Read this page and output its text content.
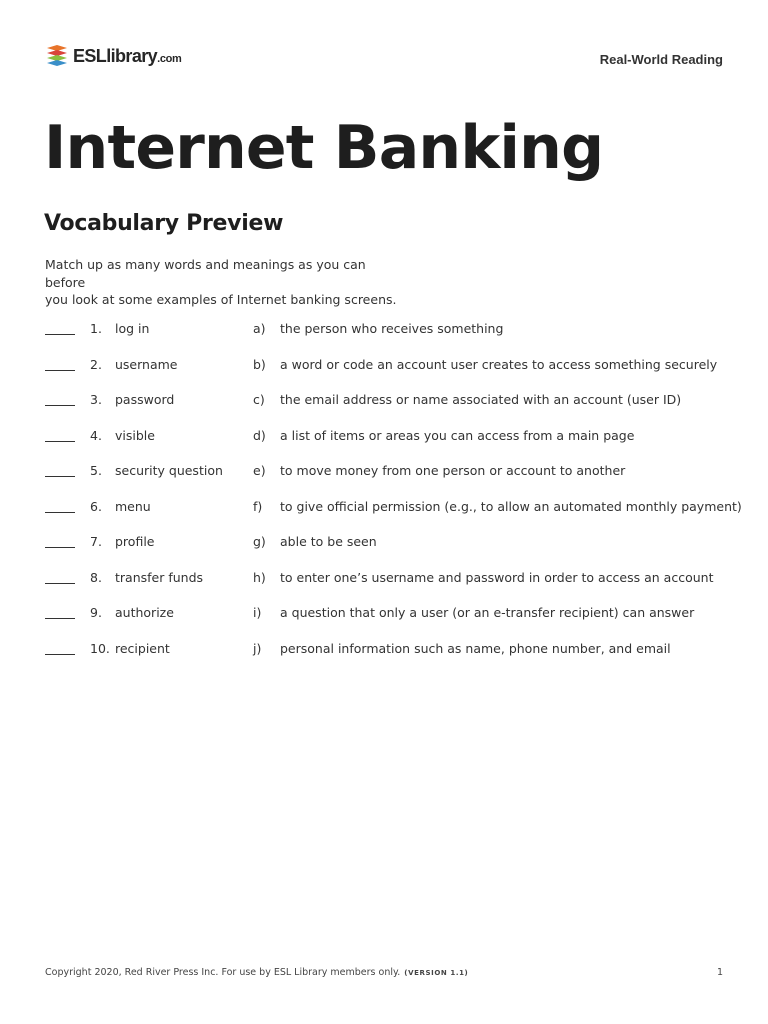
ESLlibrary.com	Real-World Reading
Internet Banking
Vocabulary Preview

Match up as many words and meanings as you can before

you look at some examples of Internet banking screens.

1. log in	a) the person who receives something
2. username	b) a word or code an account user creates to access something securely
3. password	c) the email address or name associated with an account (user ID)
4. visible	d) a list of items or areas you can access from a main page
5. security question e) to move money from one person or account to another
6. menu	f) to give official permission (e.g., to allow an automated monthly payment)
7. profile	g) able to be seen
8. transfer funds	h) to enter one’s username and password in order to access an account
9. authorize	i) a question that only a user (or an e-transfer recipient) can answer
10. recipient	j) personal information such as name, phone number, and email
Copyright 2020, Red River Press Inc. For use by ESL Library members only. (VERSION 1.1)	1
